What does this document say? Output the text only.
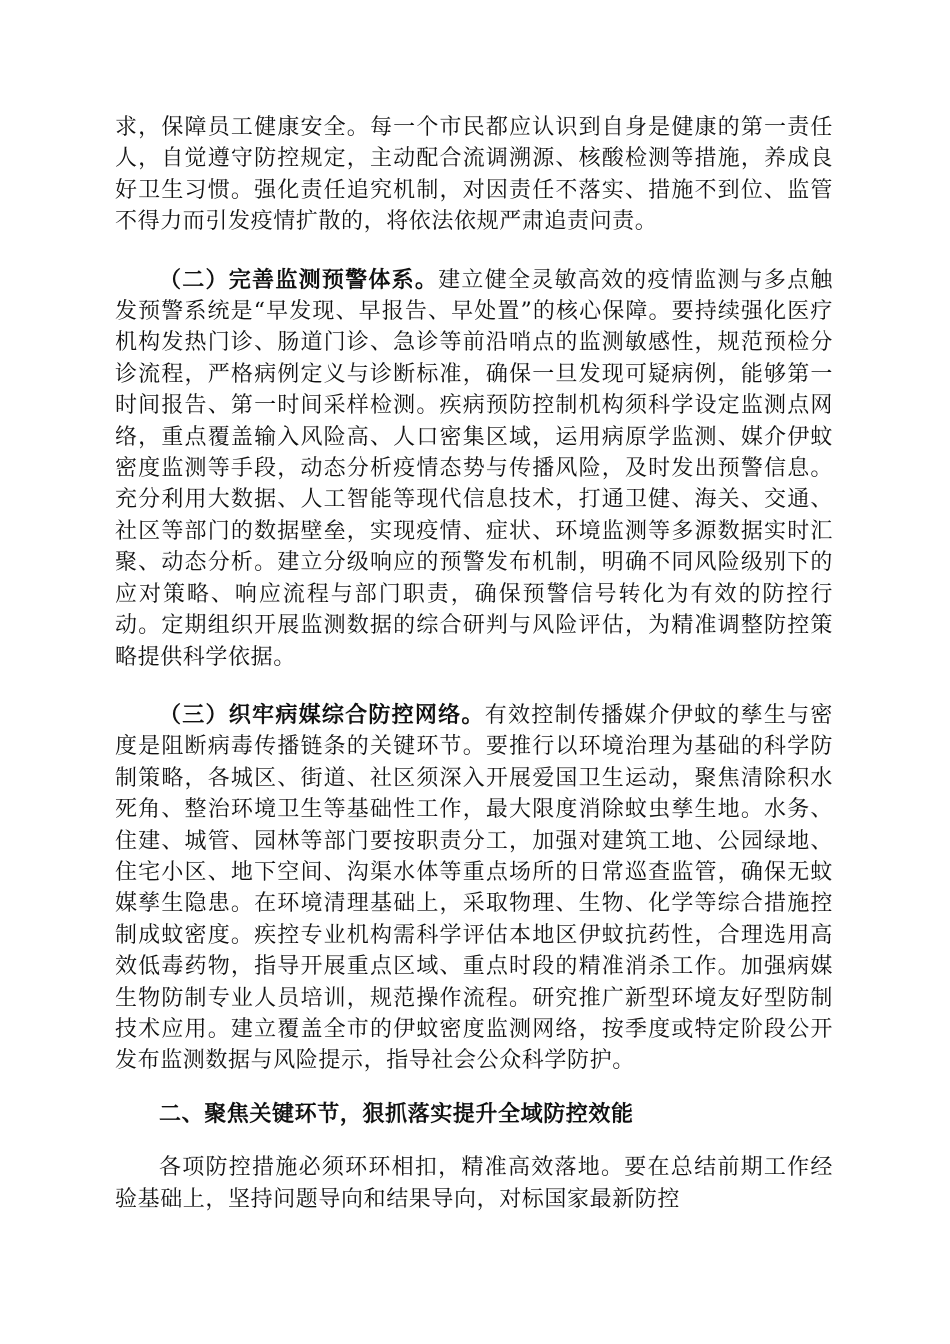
求，保障员工健康安全。每一个市民都应认识到自身是健康的第一责任人，自觉遵守防控规定，主动配合流调溯源、核酸检测等措施，养成良好卫生习惯。强化责任追究机制，对因责任不落实、措施不到位、监管不得力而引发疫情扩散的，将依法依规严肃追责问责。

（二）完善监测预警体系。建立健全灵敏高效的疫情监测与多点触发预警系统是“早发现、早报告、早处置”的核心保障。要持续强化医疗机构发热门诊、肠道门诊、急诊等前沿哨点的监测敏感性，规范预检分诊流程，严格病例定义与诊断标准，确保一旦发现可疑病例，能够第一时间报告、第一时间采样检测。疾病预防控制机构须科学设定监测点网络，重点覆盖输入风险高、人口密集区域，运用病原学监测、媒介伊蚊密度监测等手段，动态分析疫情态势与传播风险，及时发出预警信息。充分利用大数据、人工智能等现代信息技术，打通卫健、海关、交通、社区等部门的数据壁垒，实现疫情、症状、环境监测等多源数据实时汇聚、动态分析。建立分级响应的预警发布机制，明确不同风险级别下的应对策略、响应流程与部门职责，确保预警信号转化为有效的防控行动。定期组织开展监测数据的综合研判与风险评估，为精准调整防控策略提供科学依据。

（三）织牢病媒综合防控网络。有效控制传播媒介伊蚊的孳生与密度是阻断病毒传播链条的关键环节。要推行以环境治理为基础的科学防制策略，各城区、街道、社区须深入开展爱国卫生运动，聚焦清除积水死角、整治环境卫生等基础性工作，最大限度消除蚊虫孳生地。水务、住建、城管、园林等部门要按职责分工，加强对建筑工地、公园绿地、住宅小区、地下空间、沟渠水体等重点场所的日常巡查监管，确保无蚊媒孳生隐患。在环境清理基础上，采取物理、生物、化学等综合措施控制成蚊密度。疾控专业机构需科学评估本地区伊蚊抗药性，合理选用高效低毒药物，指导开展重点区域、重点时段的精准消杀工作。加强病媒生物防制专业人员培训，规范操作流程。研究推广新型环境友好型防制技术应用。建立覆盖全市的伊蚊密度监测网络，按季度或特定阶段公开发布监测数据与风险提示，指导社会公众科学防护。

二、聚焦关键环节，狠抓落实提升全域防控效能

各项防控措施必须环环相扣，精准高效落地。要在总结前期工作经验基础上，坚持问题导向和结果导向，对标国家最新防控
